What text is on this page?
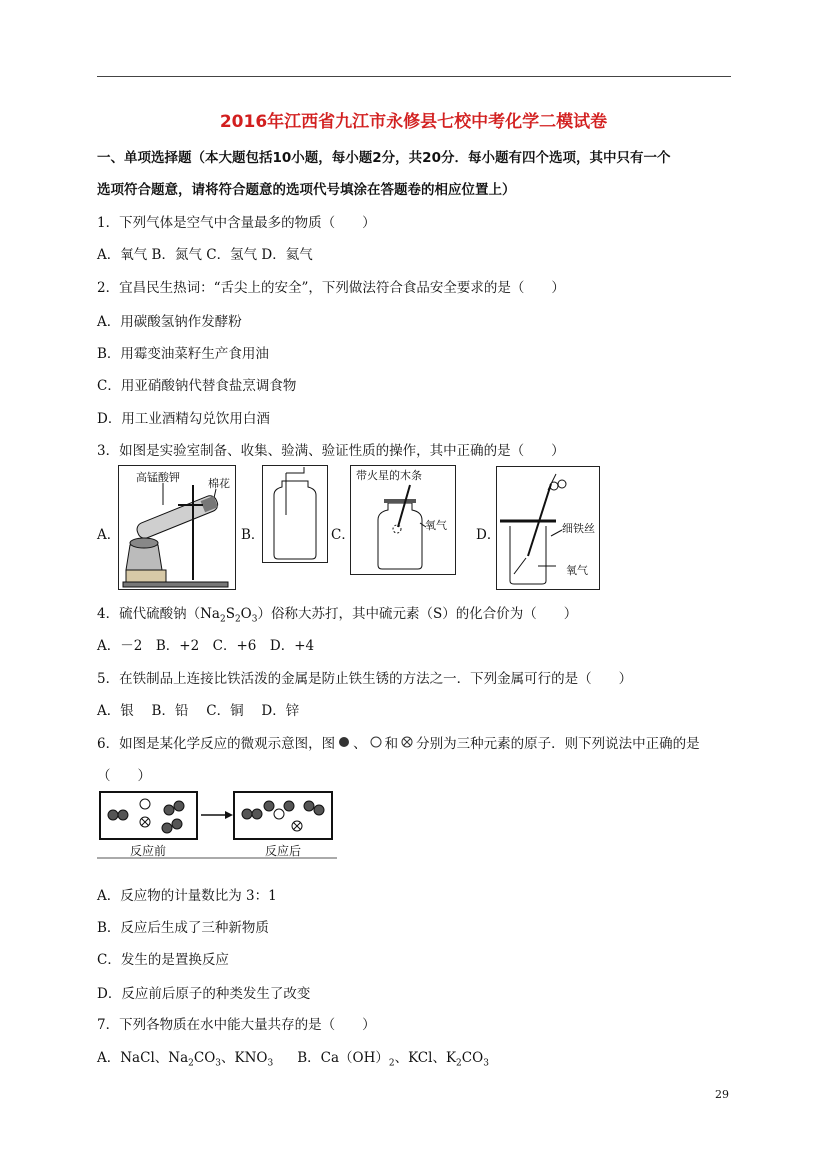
2016年江西省九江市永修县七校中考化学二模试卷
一、单项选择题（本大题包括10小题，每小题2分，共20分．每小题有四个选项，其中只有一个
选项符合题意，请将符合题意的选项代号填涂在答题卷的相应位置上）
1．下列气体是空气中含量最多的物质（　　）
A．氧气 B．氮气 C．氢气 D．氦气
2．宜昌民生热词：“舌尖上的安全”，下列做法符合食品安全要求的是（　　）
A．用碳酸氢钠作发酵粉
B．用霉变油菜籽生产食用油
C．用亚硝酸钠代替食盐烹调食物
D．用工业酒精勾兑饮用白酒
3．如图是实验室制备、收集、验满、验证性质的操作，其中正确的是（　　）
A．
高锰酸钾	棉花
B．	C．
带火星的木条
氧气
D．	细铁丝
氧气
4．硫代硫酸钠$(Na_2S_2O_3)$俗称大苏打，其中硫元素（S）的化合价为（　　）
A．－2　B．+2　C．+6　D．+4
5．在铁制品上连接比铁活泼的金属是防止铁生锈的方法之一．下列金属可行的是（　　）
A．银　 B．铅　 C．铜　 D．锌
6．如图是某化学反应的微观示意图，图 、 和 分别为三种元素的原子．则下列说法中正确的是
（　　）
反应前	反应后
A．反应物的计量数比为 3：1
B．反应后生成了三种新物质
C．发生的是置换反应
D．反应前后原子的种类发生了改变
7．下列各物质在水中能大量共存的是（　　）
A．NaCl、$Na_2CO_3$、$KNO_3$ B．$Ca(OH)_2$、KCl、$K_2CO_3$
29
